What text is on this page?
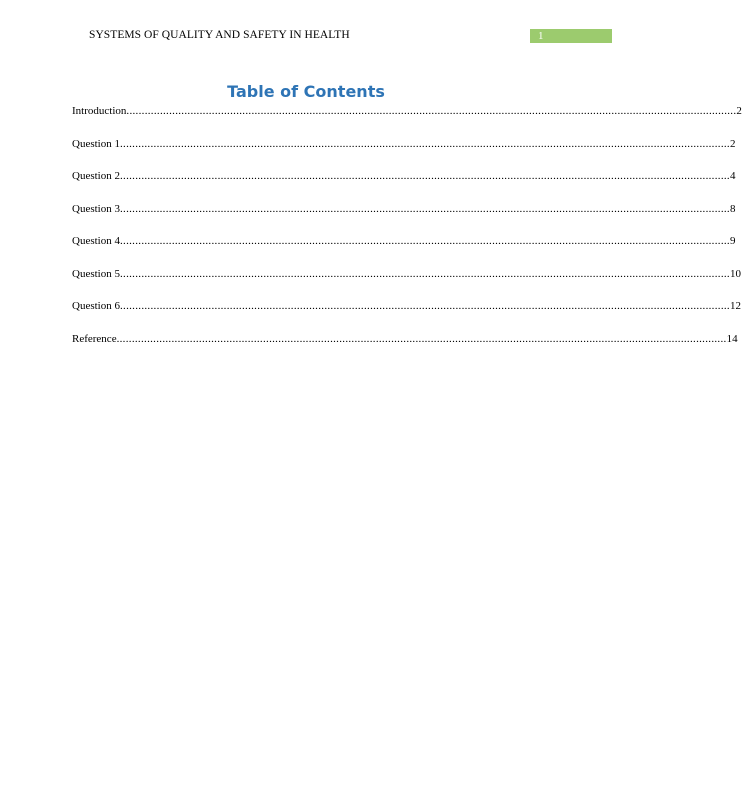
SYSTEMS OF QUALITY AND SAFETY IN HEALTH	1
Table of Contents
Introduction ........................................................................................................................................................................................................ 2
Question 1 ........................................................................................................................................................................................................ 2
Question 2 ........................................................................................................................................................................................................ 4
Question 3 ........................................................................................................................................................................................................ 8
Question 4 ........................................................................................................................................................................................................ 9
Question 5 ........................................................................................................................................................................................................ 10
Question 6 ........................................................................................................................................................................................................ 12
Reference ........................................................................................................................................................................................................ 14
